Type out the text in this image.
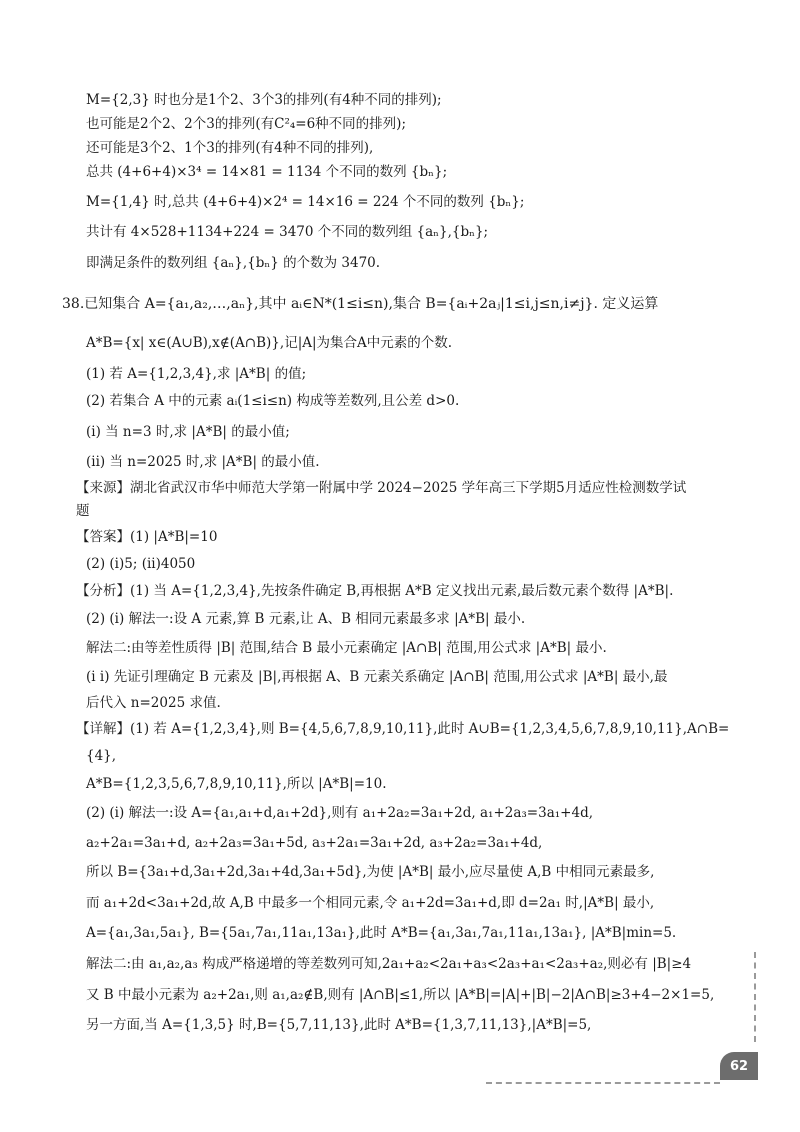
M={2,3} 时也分是1个2、3个3的排列(有4种不同的排列);
也可能是2个2、2个3的排列(有C²₄=6种不同的排列);
还可能是3个2、1个3的排列(有4种不同的排列),
总共 (4+6+4)×3⁴ = 14×81 = 1134 个不同的数列 {bₙ};
M={1,4} 时,总共 (4+6+4)×2⁴ = 14×16 = 224 个不同的数列 {bₙ};
共计有 4×528+1134+224 = 3470 个不同的数列组 {aₙ},{bₙ};
即满足条件的数列组 {aₙ},{bₙ} 的个数为 3470.
38.已知集合 A={a₁,a₂,…,aₙ},其中 aᵢ∈N*(1≤i≤n),集合 B={aᵢ+2aⱼ|1≤i,j≤n,i≠j}. 定义运算
A*B={x| x∈(A∪B),x∉(A∩B)},记|A|为集合A中元素的个数.
(1) 若 A={1,2,3,4},求 |A*B| 的值;
(2) 若集合 A 中的元素 aᵢ(1≤i≤n) 构成等差数列,且公差 d>0.
(i) 当 n=3 时,求 |A*B| 的最小值;
(ii) 当 n=2025 时,求 |A*B| 的最小值.
【来源】湖北省武汉市华中师范大学第一附属中学 2024−2025 学年高三下学期5月适应性检测数学试
题
【答案】(1) |A*B|=10
(2) (i)5; (ii)4050
【分析】(1) 当 A={1,2,3,4},先按条件确定 B,再根据 A*B 定义找出元素,最后数元素个数得 |A*B|.
(2) (i) 解法一:设 A 元素,算 B 元素,让 A、B 相同元素最多求 |A*B| 最小.
解法二:由等差性质得 |B| 范围,结合 B 最小元素确定 |A∩B| 范围,用公式求 |A*B| 最小.
(i i) 先证引理确定 B 元素及 |B|,再根据 A、B 元素关系确定 |A∩B| 范围,用公式求 |A*B| 最小,最
后代入 n=2025 求值.
【详解】(1) 若 A={1,2,3,4},则 B={4,5,6,7,8,9,10,11},此时 A∪B={1,2,3,4,5,6,7,8,9,10,11},A∩B=
{4},
A*B={1,2,3,5,6,7,8,9,10,11},所以 |A*B|=10.
(2) (i) 解法一:设 A={a₁,a₁+d,a₁+2d},则有 a₁+2a₂=3a₁+2d, a₁+2a₃=3a₁+4d,
a₂+2a₁=3a₁+d, a₂+2a₃=3a₁+5d, a₃+2a₁=3a₁+2d, a₃+2a₂=3a₁+4d,
所以 B={3a₁+d,3a₁+2d,3a₁+4d,3a₁+5d},为使 |A*B| 最小,应尽量使 A,B 中相同元素最多,
而 a₁+2d<3a₁+2d,故 A,B 中最多一个相同元素,令 a₁+2d=3a₁+d,即 d=2a₁ 时,|A*B| 最小,
A={a₁,3a₁,5a₁}, B={5a₁,7a₁,11a₁,13a₁},此时 A*B={a₁,3a₁,7a₁,11a₁,13a₁}, |A*B|min=5.
解法二:由 a₁,a₂,a₃ 构成严格递增的等差数列可知,2a₁+a₂<2a₁+a₃<2a₃+a₁<2a₃+a₂,则必有 |B|≥4
又 B 中最小元素为 a₂+2a₁,则 a₁,a₂∉B,则有 |A∩B|≤1,所以 |A*B|=|A|+|B|−2|A∩B|≥3+4−2×1=5,
另一方面,当 A={1,3,5} 时,B={5,7,11,13},此时 A*B={1,3,7,11,13},|A*B|=5,
62
